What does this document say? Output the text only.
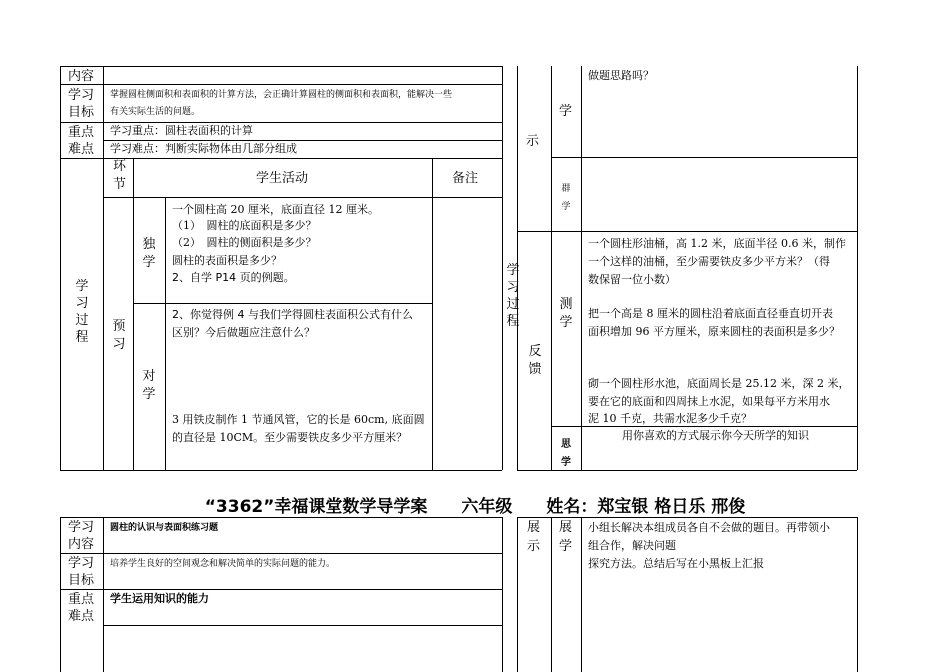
内容
学习
目标
掌握圆柱侧面积和表面积的计算方法，会正确计算圆柱的侧面积和表面积，能解决一些
有关实际生活的问题。
重点
难点
学习重点：圆柱表面积的计算
学习难点：判断实际物体由几部分组成
环
节	学生活动	备注
学
习
过
程
预
习
独
学
一个圆柱高 20 厘米，底面直径 12 厘米。
（1）　圆柱的底面积是多少？
（2）　圆柱的侧面积是多少？
圆柱的表面积是多少？
2、自学 P14 页的例题。
对
学
2、你觉得例 4 与我们学得圆柱表面积公式有什么
区别？今后做题应注意什么？
3 用铁皮制作 1 节通风管，它的长是 60cm, 底面圆
的直径是 10CM。至少需要铁皮多少平方厘米？
示
学
做题思路吗？
群
学
学
习
过
程
反
馈
测
学
一个圆柱形油桶，高 1.2 米，底面半径 0.6 米，制作
一个这样的油桶，至少需要铁皮多少平方米？（得
数保留一位小数）
把一个高是 8 厘米的圆柱沿着底面直径垂直切开表
面积增加 96 平方厘米，原来圆柱的表面积是多少？
砌一个圆柱形水池，底面周长是 25.12 米，深 2 米，
要在它的底面和四周抹上水泥，如果每平方米用水
泥 10 千克，共需水泥多少千克？
思
学
用你喜欢的方式展示你今天所学的知识
“3362”幸福课堂数学导学案　　六年级　　姓名：郑宝银 格日乐 邢俊
学习
内容
圆柱的认识与表面积练习题
学习
目标
培养学生良好的空间观念和解决简单的实际问题的能力。
重点
难点
学生运用知识的能力
展
示
展
学
小组长解决本组成员各自不会做的题目。再带领小
组合作，解决问题
探究方法。总结后写在小黑板上汇报
